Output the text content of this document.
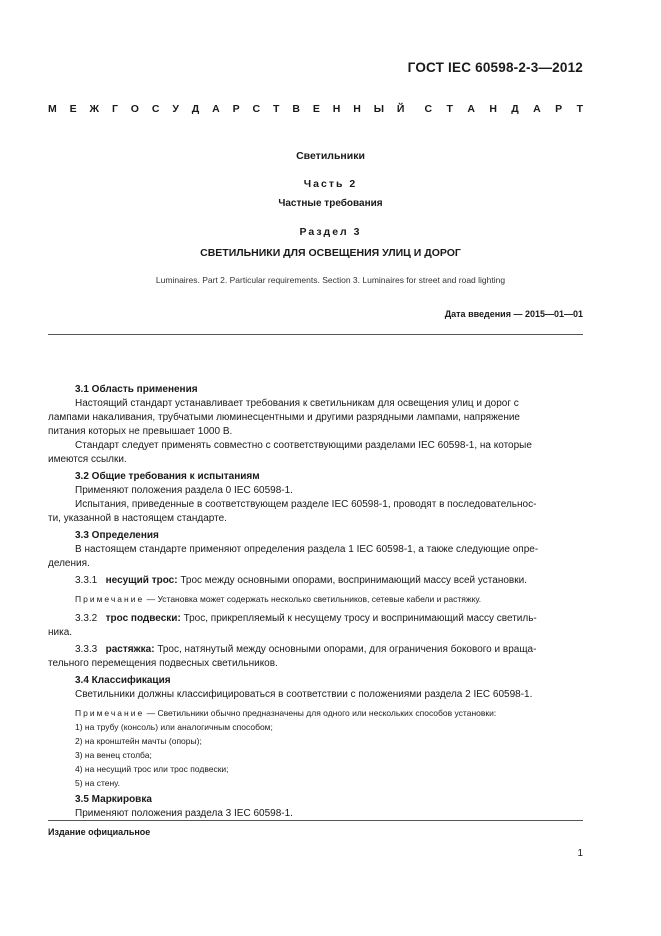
ГОСТ IEC 60598-2-3—2012
М Е Ж Г О С У Д А Р С Т В Е Н Н Ы Й С Т А Н Д А Р Т
Светильники
Часть 2
Частные требования
Раздел 3
СВЕТИЛЬНИКИ ДЛЯ ОСВЕЩЕНИЯ УЛИЦ И ДОРОГ
Luminaires. Part 2. Particular requirements. Section 3. Luminaires for street and road lighting
Дата введения — 2015—01—01

3.1 Область применения

Настоящий стандарт устанавливает требования к светильникам для освещения улиц и дорог с

лампами накаливания, трубчатыми люминесцентными и другими разрядными лампами, напряжение

питания которых не превышает 1000 В.

Стандарт следует применять совместно с соответствующими разделами IEC 60598-1, на которые

имеются ссылки.

3.2 Общие требования к испытаниям

Применяют положения раздела 0 IEC 60598-1.

Испытания, приведенные в соответствующем разделе IEC 60598-1, проводят в последовательнос-

ти, указанной в настоящем стандарте.

3.3 Определения

В настоящем стандарте применяют определения раздела 1 IEC 60598-1, а также следующие опре-

деления.

3.3.1 несущий трос: Трос между основными опорами, воспринимающий массу всей установки.

Примечание — Установка может содержать несколько светильников, сетевые кабели и растяжку.

3.3.2 трос подвески: Трос, прикрепляемый к несущему тросу и воспринимающий массу светиль-

ника.

3.3.3 растяжка: Трос, натянутый между основными опорами, для ограничения бокового и враща-

тельного перемещения подвесных светильников.

3.4 Классификация

Светильники должны классифицироваться в соответствии с положениями раздела 2 IEC 60598-1.

Примечание — Светильники обычно предназначены для одного или нескольких способов установки:

1) на трубу (консоль) или аналогичным способом;

2) на кронштейн мачты (опоры);

3) на венец столба;

4) на несущий трос или трос подвески;

5) на стену.

3.5 Маркировка

Применяют положения раздела 3 IEC 60598-1.

Издание официальное
1
